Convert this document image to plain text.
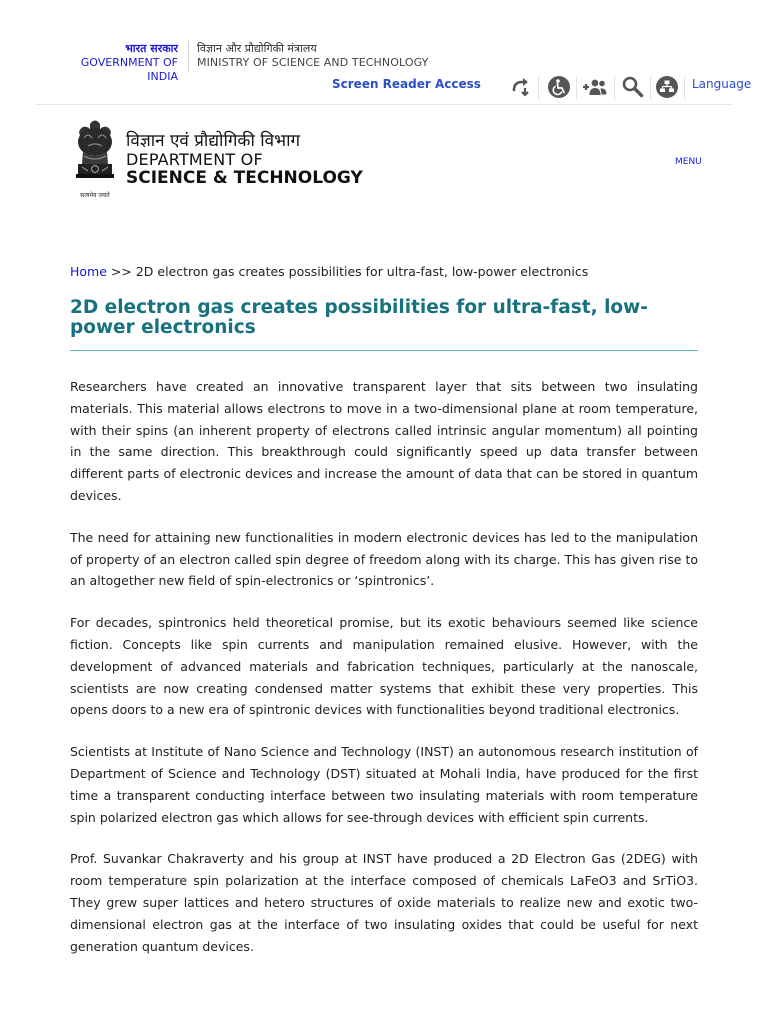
भारत सरकार
GOVERNMENT OF INDIA
विज्ञान और प्रौद्योगिकी मंत्रालय
MINISTRY OF SCIENCE AND TECHNOLOGY
Screen Reader Access	Language
सत्यमेव जयते
विज्ञान एवं प्रौद्योगिकी विभाग
DEPARTMENT OF
SCIENCE & TECHNOLOGY
MENU
Home >> 2D electron gas creates possibilities for ultra-fast, low-power electronics
2D electron gas creates possibilities for ultra-fast, low-power electronics

Researchers have created an innovative transparent layer that sits between two insulating materials. This material allows electrons to move in a two-dimensional plane at room temperature, with their spins (an inherent property of electrons called intrinsic angular momentum) all pointing in the same direction. This breakthrough could significantly speed up data transfer between different parts of electronic devices and increase the amount of data that can be stored in quantum devices.

The need for attaining new functionalities in modern electronic devices has led to the manipulation of property of an electron called spin degree of freedom along with its charge. This has given rise to an altogether new field of spin-electronics or ‘spintronics’.

For decades, spintronics held theoretical promise, but its exotic behaviours seemed like science fiction. Concepts like spin currents and manipulation remained elusive. However, with the development of advanced materials and fabrication techniques, particularly at the nanoscale, scientists are now creating condensed matter systems that exhibit these very properties. This opens doors to a new era of spintronic devices with functionalities beyond traditional electronics.

Scientists at Institute of Nano Science and Technology (INST) an autonomous research institution of Department of Science and Technology (DST) situated at Mohali India, have produced for the first time a transparent conducting interface between two insulating materials with room temperature spin polarized electron gas which allows for see-through devices with efficient spin currents.

Prof. Suvankar Chakraverty and his group at INST have produced a 2D Electron Gas (2DEG) with room temperature spin polarization at the interface composed of chemicals LaFeO3 and SrTiO3. They grew super lattices and hetero structures of oxide materials to realize new and exotic two-dimensional electron gas at the interface of two insulating oxides that could be useful for next generation quantum devices.
